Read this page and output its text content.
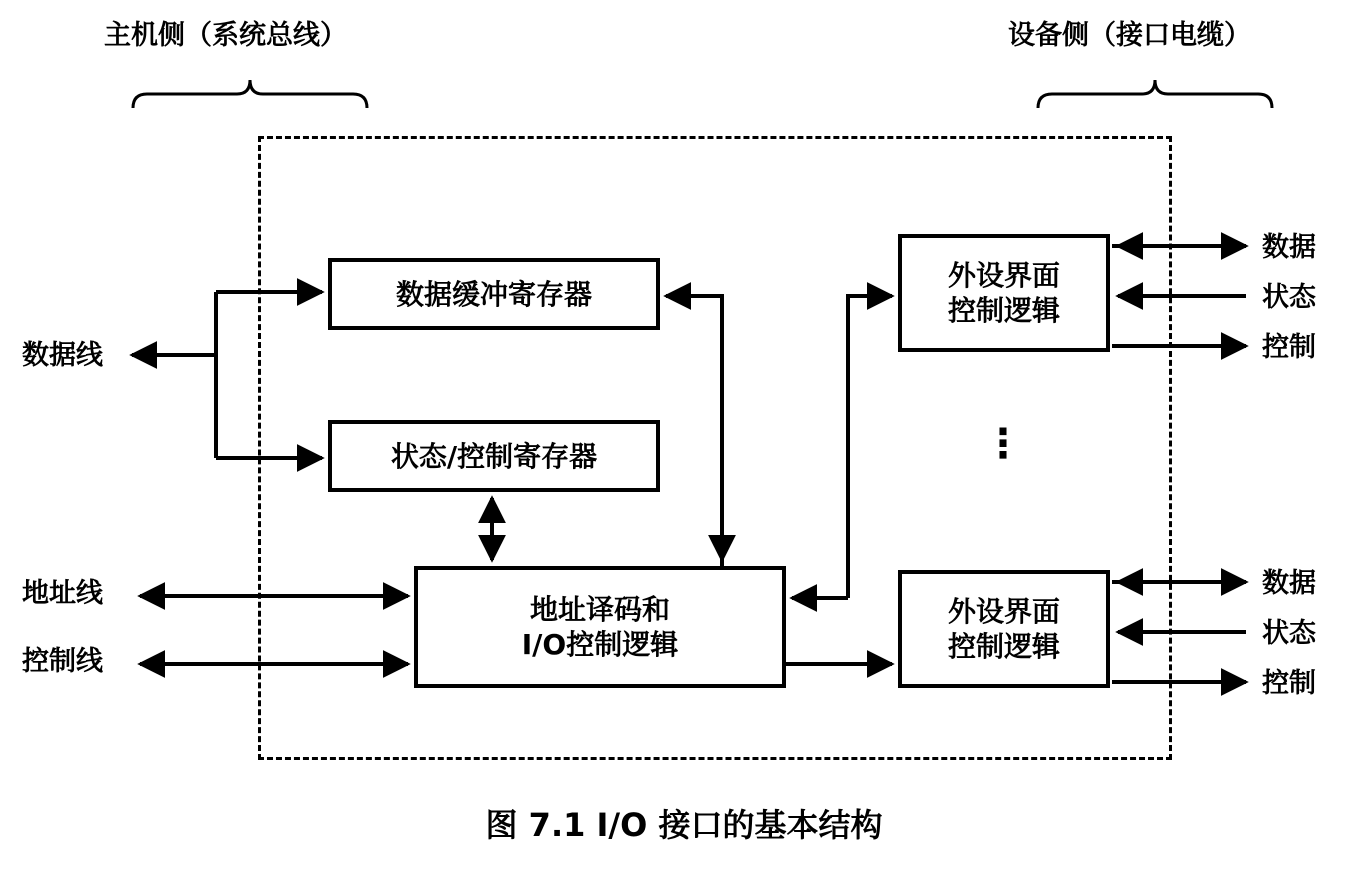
主机侧（系统总线）	设备侧（接口电缆）
数据线
地址线
控制线
数据缓冲寄存器
状态/控制寄存器
地址译码和
I/O控制逻辑
外设界面
控制逻辑
外设界面
控制逻辑
⋮
数据
状态
控制
数据
状态
控制
图 7.1 I/O 接口的基本结构
